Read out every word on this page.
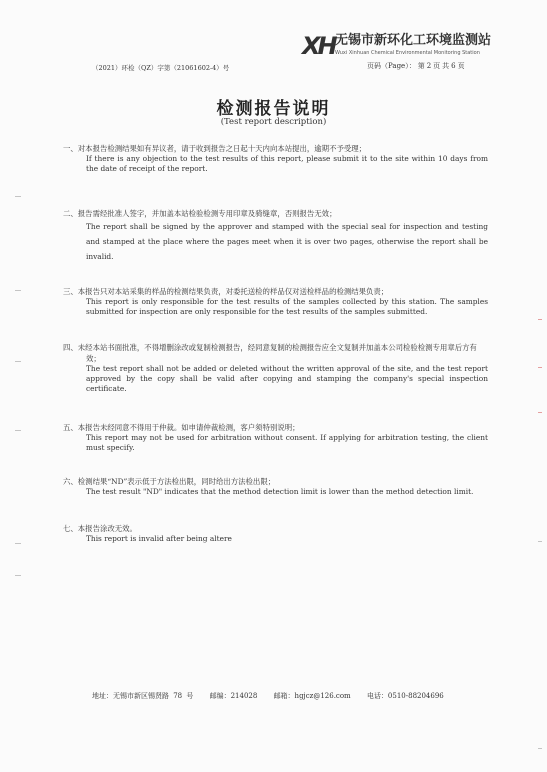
XH 无锡市新环化工环境监测站
Wuxi Xinhuan Chemical Environmental Monitoring Station
（2021）环检（QZ）字第（21061602-4）号	页码（Page）： 第 2 页 共 6 页
检测报告说明
(Test report description)
一、对本报告检测结果如有异议者，请于收到报告之日起十天内向本站提出，逾期不予受理；
If there is any objection to the test results of this report, please submit it to the site within 10 days from the date of receipt of the report.
二、报告需经批准人签字，并加盖本站检验检测专用印章及骑缝章，否则报告无效；
The report shall be signed by the approver and stamped with the special seal for inspection and testing and stamped at the place where the pages meet when it is over two pages, otherwise the report shall be invalid.
三、本报告只对本站采集的样品的检测结果负责，对委托送检的样品仅对送检样品的检测结果负责；
This report is only responsible for the test results of the samples collected by this station. The samples submitted for inspection are only responsible for the test results of the samples submitted.
四、未经本站书面批准，不得增删涂改或复制检测报告，经同意复制的检测报告应全文复制并加盖本公司检验检测专用章后方有效；
The test report shall not be added or deleted without the written approval of the site, and the test report approved by the copy shall be valid after copying and stamping the company's special inspection certificate.
五、本报告未经同意不得用于仲裁。如申请仲裁检测，客户须特别说明；
This report may not be used for arbitration without consent. If applying for arbitration testing, the client must specify.
六、检测结果“ND”表示低于方法检出限，同时给出方法检出限；
The test result "ND" indicates that the method detection limit is lower than the method detection limit.
七、本报告涂改无效。
This report is invalid after being altere
地址：无锡市新区锡贤路 78 号 邮编：214028 邮箱：hgjcz@126.com 电话：0510-88204696
